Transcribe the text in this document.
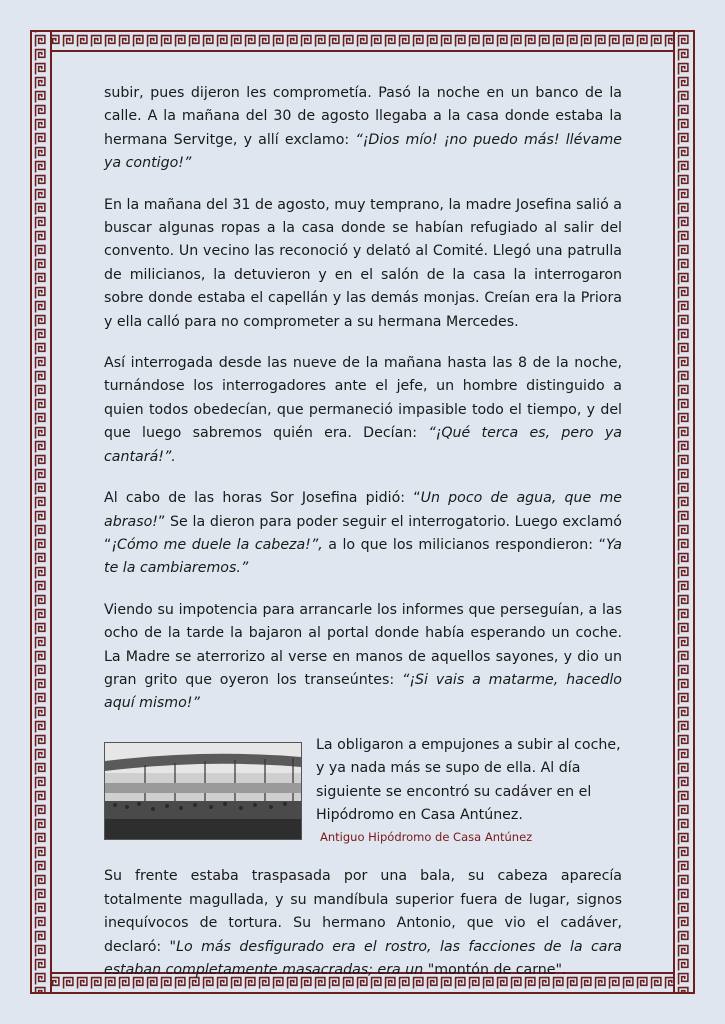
subir, pues dijeron les comprometía. Pasó la noche en un banco de la calle. A la mañana del 30 de agosto llegaba a la casa donde estaba la hermana Servitge, y allí exclamo: “¡Dios mío! ¡no puedo más! llévame ya contigo!”

En la mañana del 31 de agosto, muy temprano, la madre Josefina salió a buscar algunas ropas a la casa donde se habían refugiado al salir del convento. Un vecino las reconoció y delató al Comité. Llegó una patrulla de milicianos, la detuvieron y en el salón de la casa la interrogaron sobre donde estaba el capellán y las demás monjas. Creían era la Priora y ella calló para no comprometer a su hermana Mercedes.

Así interrogada desde las nueve de la mañana hasta las 8 de la noche, turnándose los interrogadores ante el jefe, un hombre distinguido a quien todos obedecían, que permaneció impasible todo el tiempo, y del que luego sabremos quién era. Decían: “¡Qué terca es, pero ya cantará!”.

Al cabo de las horas Sor Josefina pidió: “Un poco de agua, que me abraso!” Se la dieron para poder seguir el interrogatorio. Luego exclamó “¡Cómo me duele la cabeza!”, a lo que los milicianos respondieron: “Ya te la cambiaremos.”

Viendo su impotencia para arrancarle los informes que perseguían, a las ocho de la tarde la bajaron al portal donde había esperando un coche. La Madre se aterrorizo al verse en manos de aquellos sayones, y dio un gran grito que oyeron los transeúntes: “¡Si vais a matarme, hacedlo aquí mismo!”

La obligaron a empujones a subir al coche, y ya nada más se supo de ella. Al día siguiente se encontró su cadáver en el Hipódromo en Casa Antúnez.
Antiguo Hipódromo de Casa Antúnez

Su frente estaba traspasada por una bala, su cabeza aparecía totalmente magullada, y su mandíbula superior fuera de lugar, signos inequívocos de tortura. Su hermano Antonio, que vio el cadáver, declaró: "Lo más desfigurado era el rostro, las facciones de la cara estaban completamente masacradas; era un "montón de carne".
